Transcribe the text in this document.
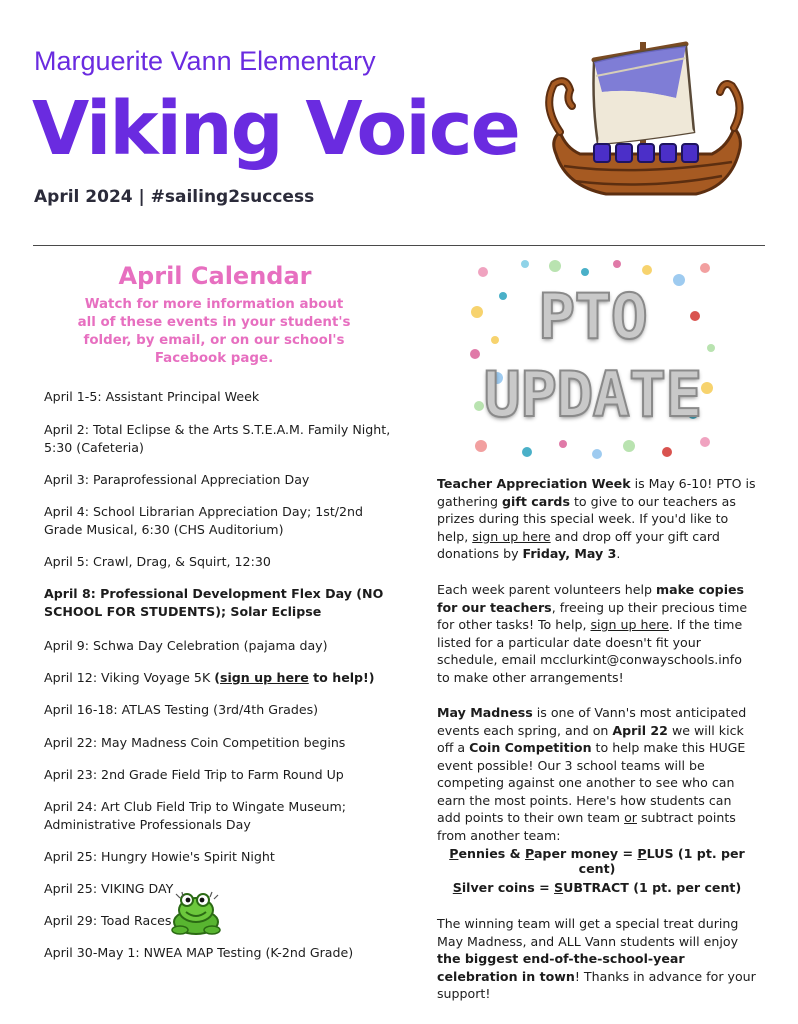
Marguerite Vann Elementary
Viking Voice
April 2024 | #sailing2success
April Calendar
Watch for more information about all of these events in your student's folder, by email, or on our school's Facebook page.
April 1-5: Assistant Principal Week
April 2: Total Eclipse & the Arts S.T.E.A.M. Family Night, 5:30 (Cafeteria)
April 3: Paraprofessional Appreciation Day
April 4: School Librarian Appreciation Day; 1st/2nd Grade Musical, 6:30 (CHS Auditorium)
April 5: Crawl, Drag, & Squirt, 12:30
April 8: Professional Development Flex Day (NO SCHOOL FOR STUDENTS); Solar Eclipse
April 9: Schwa Day Celebration (pajama day)
April 12: Viking Voyage 5K (sign up here to help!)
April 16-18: ATLAS Testing (3rd/4th Grades)
April 22: May Madness Coin Competition begins
April 23: 2nd Grade Field Trip to Farm Round Up
April 24: Art Club Field Trip to Wingate Museum; Administrative Professionals Day
April 25: Hungry Howie's Spirit Night
April 25: VIKING DAY
April 29: Toad Races
April 30-May 1: NWEA MAP Testing (K-2nd Grade)
PTO
UPDATE
Teacher Appreciation Week is May 6-10! PTO is gathering gift cards to give to our teachers as prizes during this special week. If you'd like to help, sign up here and drop off your gift card donations by Friday, May 3.
Each week parent volunteers help make copies for our teachers, freeing up their precious time for other tasks! To help, sign up here. If the time listed for a particular date doesn't fit your schedule, email mcclurkint@conwayschools.info to make other arrangements!
May Madness is one of Vann's most anticipated events each spring, and on April 22 we will kick off a Coin Competition to help make this HUGE event possible! Our 3 school teams will be competing against one another to see who can earn the most points. Here's how students can add points to their own team or subtract points from another team:
Pennies & Paper money = PLUS (1 pt. per cent)
Silver coins = SUBTRACT (1 pt. per cent)
The winning team will get a special treat during May Madness, and ALL Vann students will enjoy the biggest end-of-the-school-year celebration in town! Thanks in advance for your support!
